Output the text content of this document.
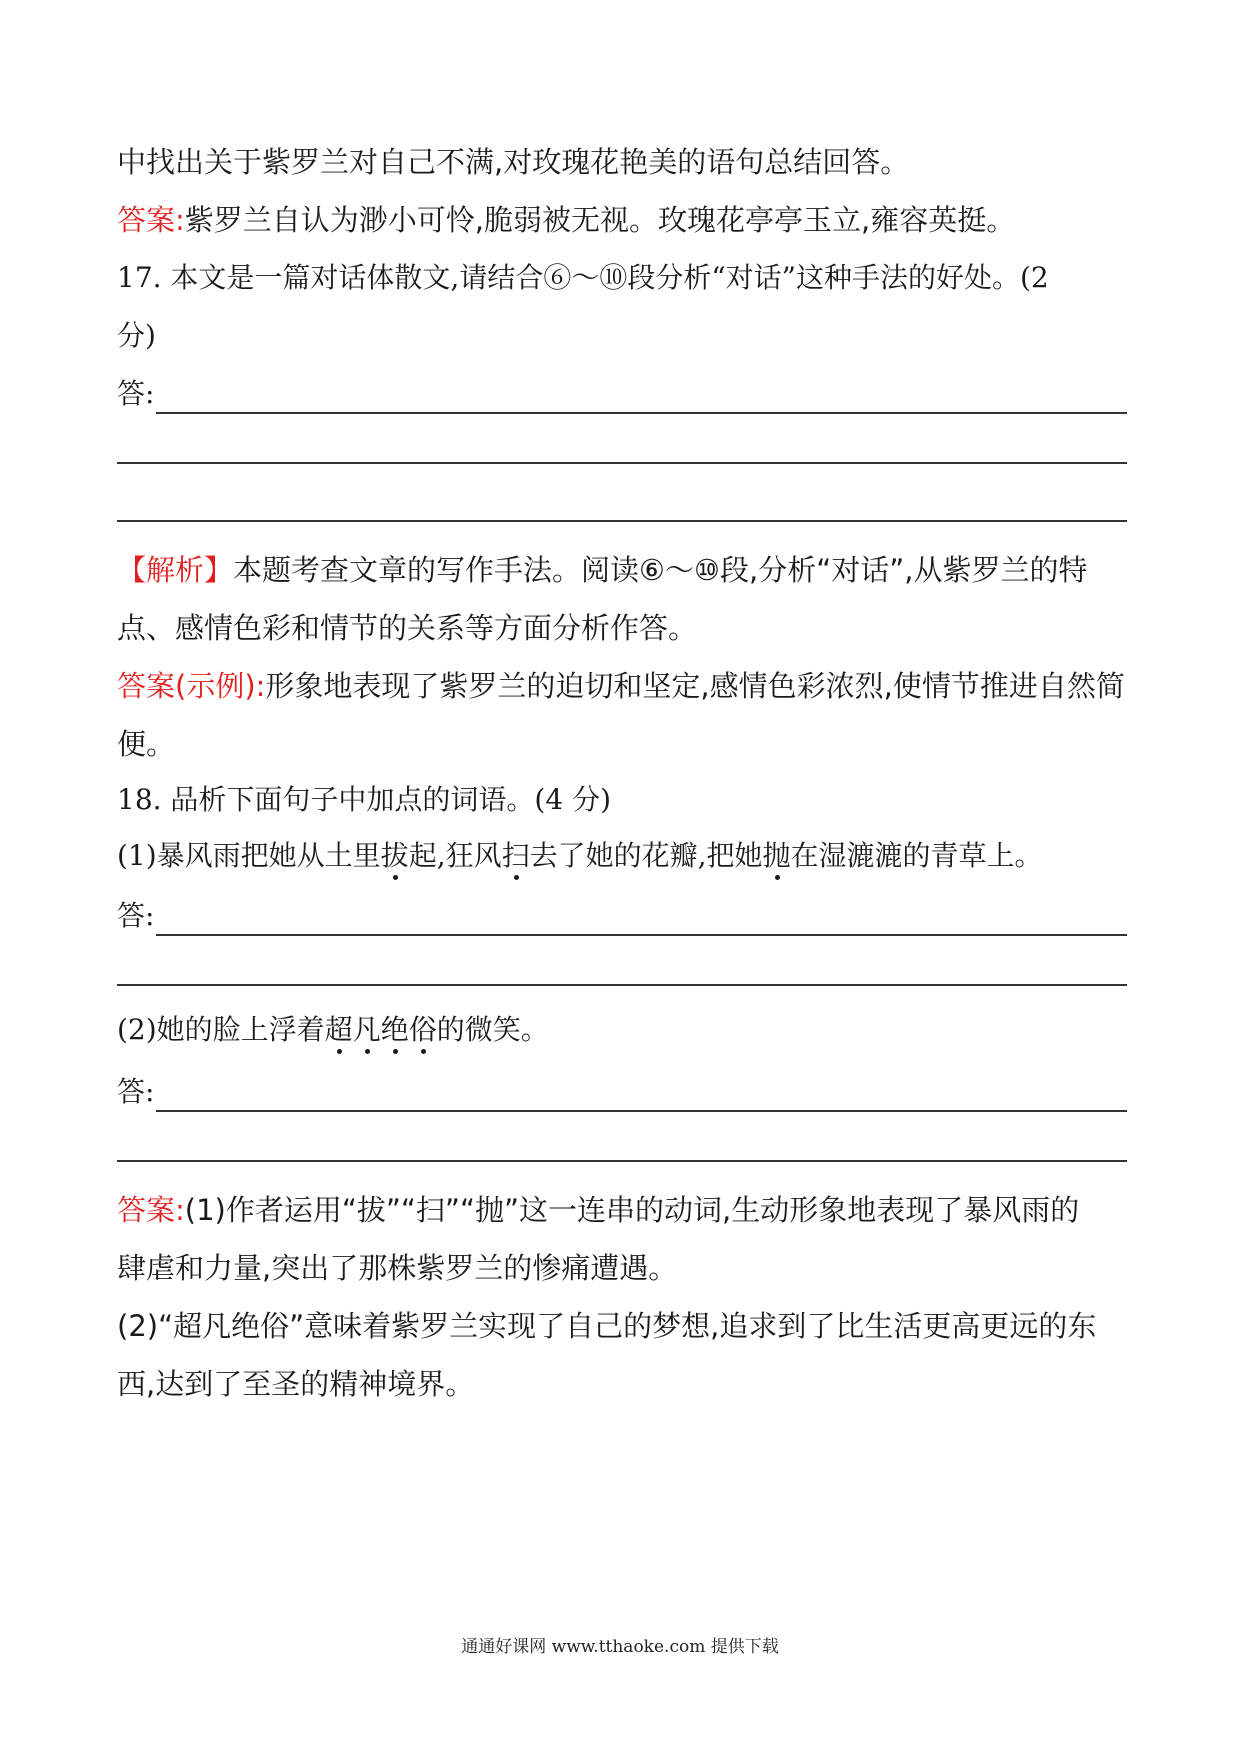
中找出关于紫罗兰对自己不满,对玫瑰花艳美的语句总结回答。
答案:紫罗兰自认为渺小可怜,脆弱被无视。玫瑰花亭亭玉立,雍容英挺。
17. 本文是一篇对话体散文,请结合⑥～⑩段分析“对话”这种手法的好处。(2
分)
答:
【解析】本题考查文章的写作手法。阅读⑥～⑩段,分析“对话”,从紫罗兰的特
点、感情色彩和情节的关系等方面分析作答。
答案(示例):形象地表现了紫罗兰的迫切和坚定,感情色彩浓烈,使情节推进自然简
便。
18. 品析下面句子中加点的词语。(4 分)
(1)暴风雨把她从土里拔起,狂风扫去了她的花瓣,把她抛在湿漉漉的青草上。
答:
(2)她的脸上浮着超凡绝俗的微笑。
答:
答案:(1)作者运用“拔”“扫”“抛”这一连串的动词,生动形象地表现了暴风雨的
肆虐和力量,突出了那株紫罗兰的惨痛遭遇。
(2)“超凡绝俗”意味着紫罗兰实现了自己的梦想,追求到了比生活更高更远的东
西,达到了至圣的精神境界。
通通好课网 www.tthaoke.com 提供下载
